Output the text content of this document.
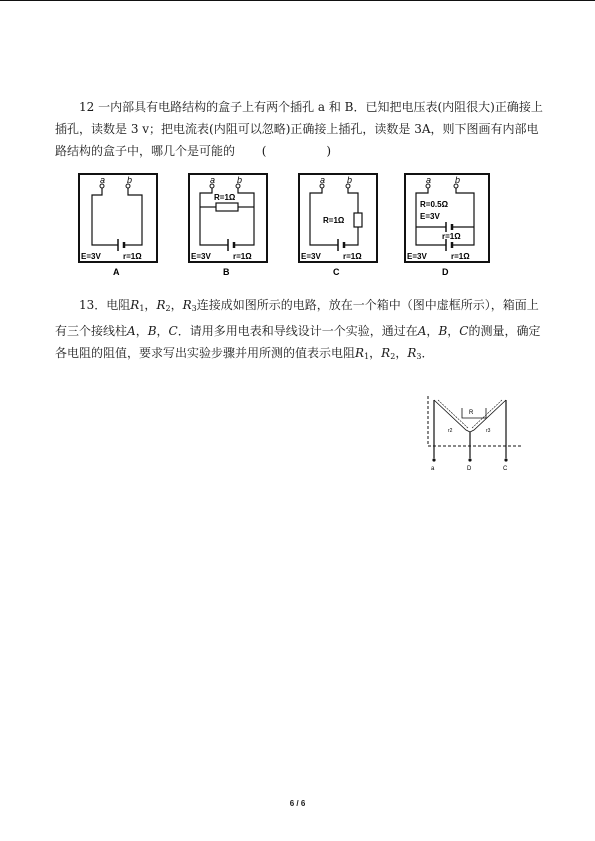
12 一内部具有电路结构的盒子上有两个插孔 a 和 B．已知把电压表(内阻很大)正确接上
插孔，读数是 3 v；把电流表(内阻可以忽略)正确接上插孔，读数是 3A，则下图画有内部电
路结构的盒子中，哪几个是可能的 (	)
a b
E=3V	r=1Ω
A
a b
R=1Ω
E=3V	r=1Ω
B
a b
R=1Ω
E=3V	r=1Ω
C
a	b
R=0.5Ω
E=3V
r=1Ω
E=3V	r=1Ω
D
13．电阻$R_1$，$R_2$，$R_3$连接成如图所示的电路，放在一个箱中（图中虚框所示），箱面上
有三个接线柱A，B，C．请用多用电表和导线设计一个实验，通过在A，B，C的测量，确定
各电阻的阻值，要求写出实验步骤并用所测的值表示电阻$R_1$，$R_2$，$R_3$．
R
r2	r3
a	D	C
6 / 6
